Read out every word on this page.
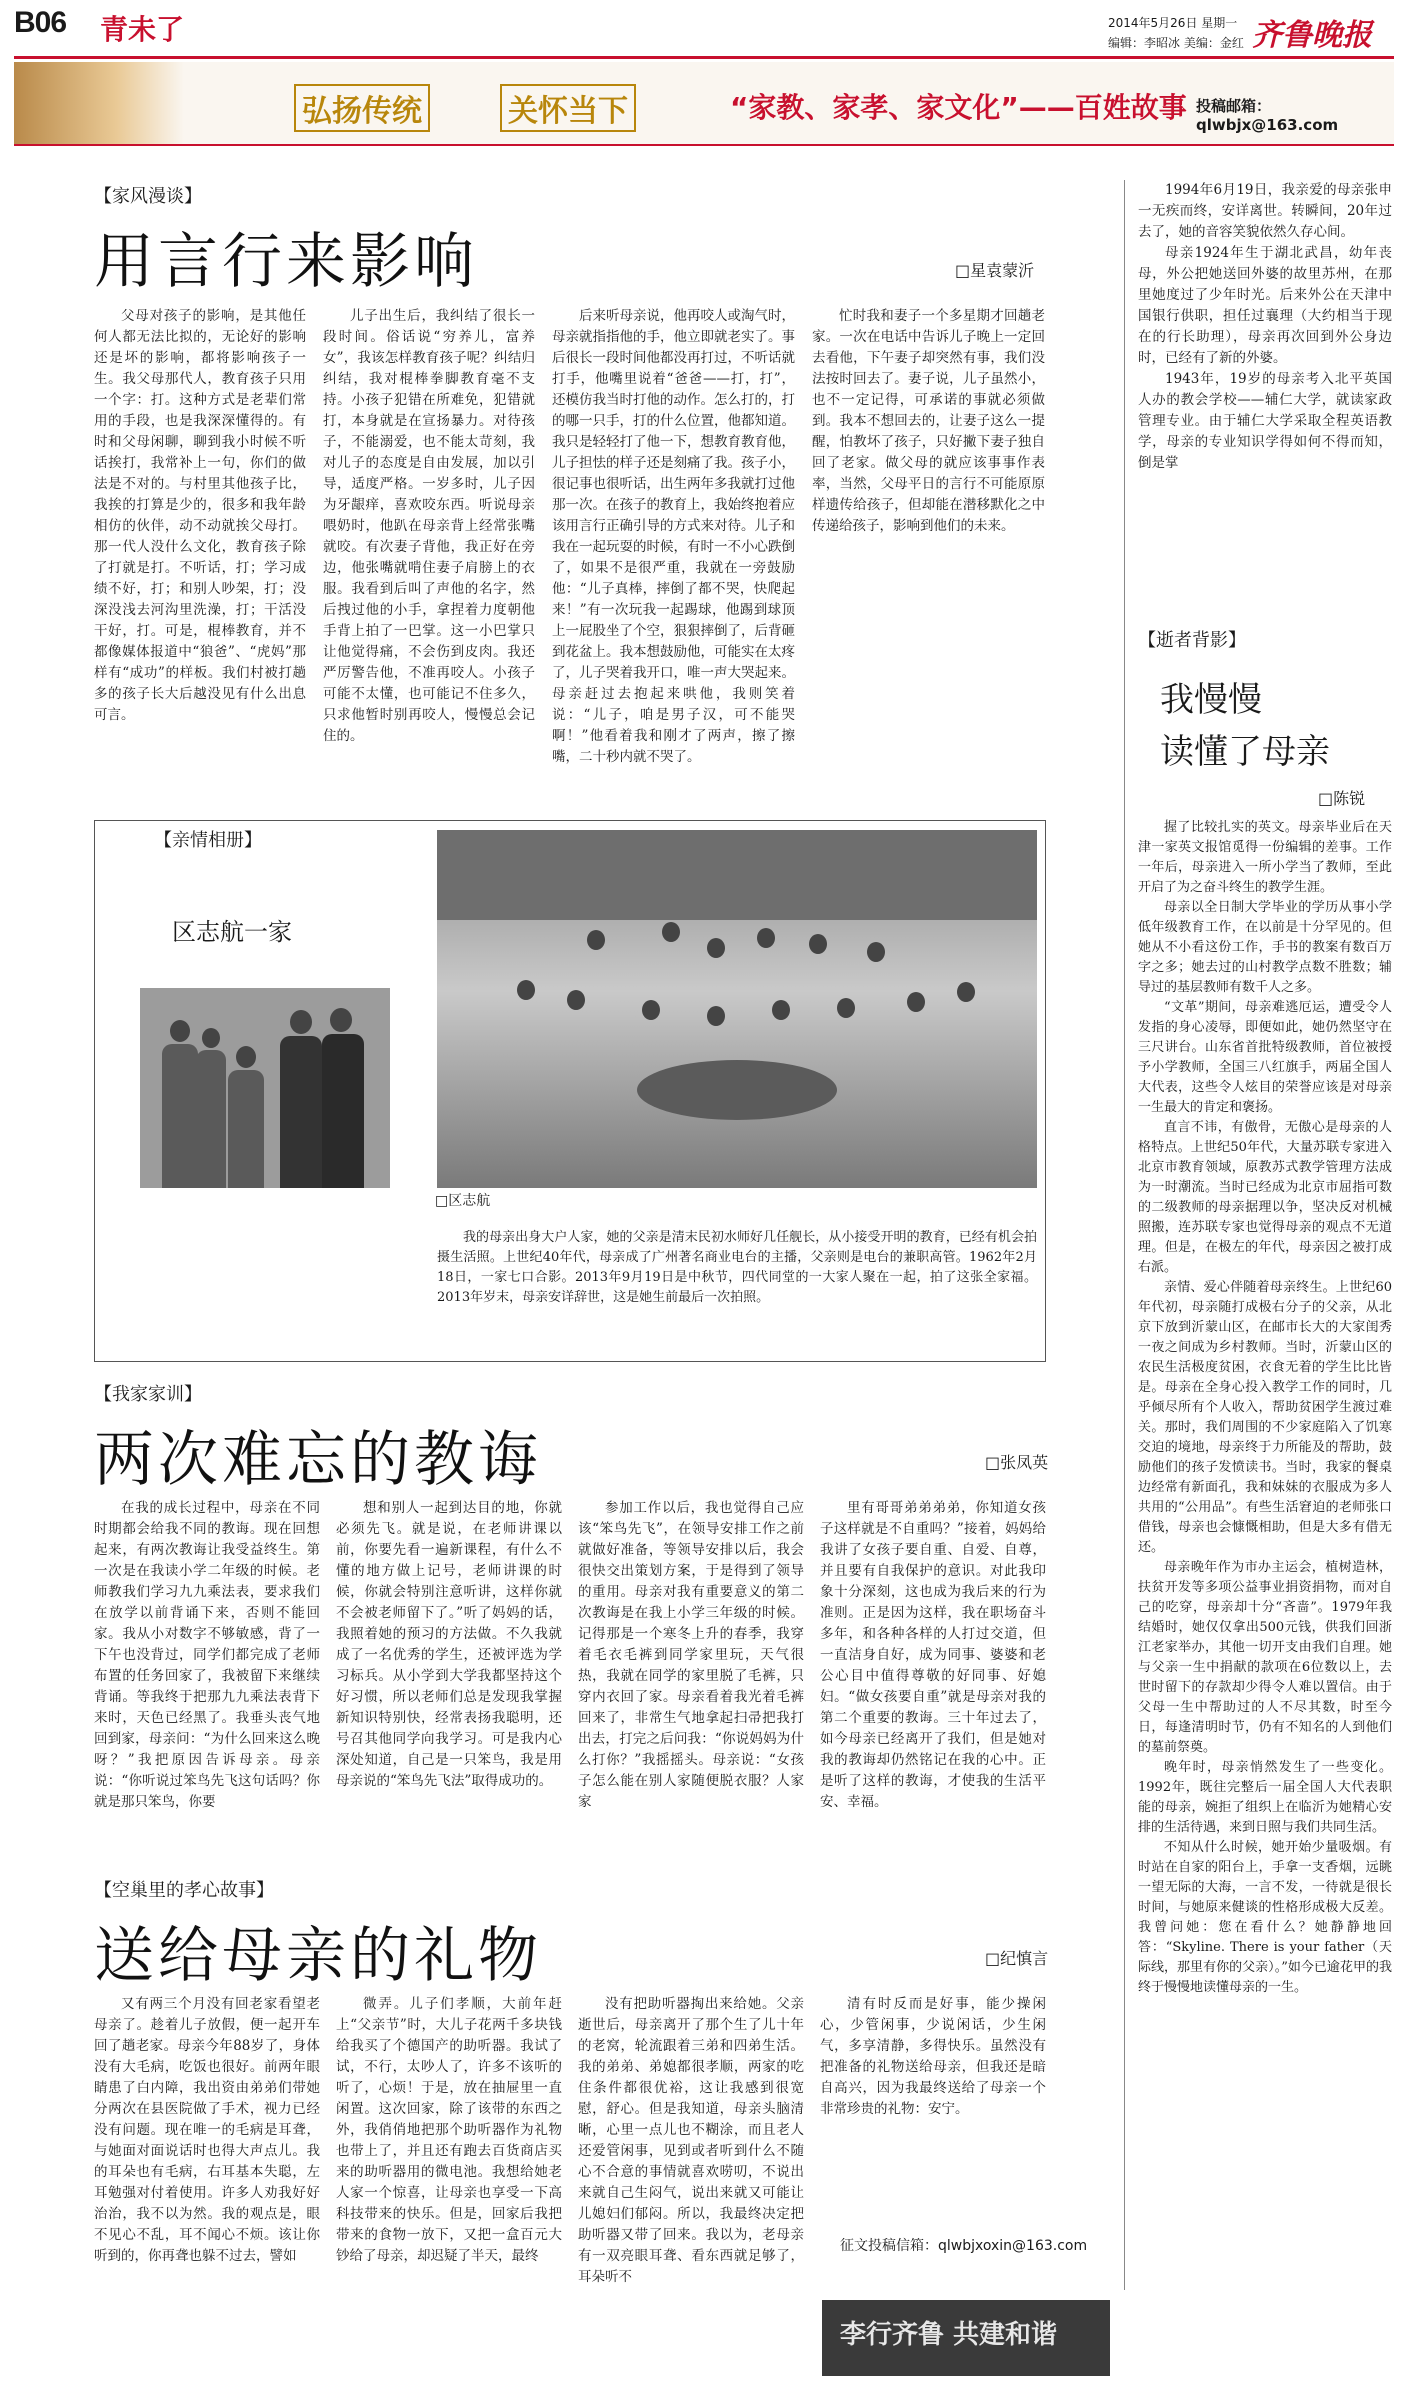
B06 青未了	2014年5月26日 星期一
编辑：李昭冰 美编：金红 齐鲁晚报
弘扬传统	关怀当下	“家教、家孝、家文化”——百姓故事 投稿邮箱：qlwbjx@163.com
【家风漫谈】
用言行来影响	□星袁蒙沂
父母对孩子的影响，是其他任何人都无法比拟的，无论好的影响还是坏的影响，都将影响孩子一生。我父母那代人，教育孩子只用一个字：打。这种方式是老辈们常用的手段，也是我深深懂得的。有时和父母闲聊，聊到我小时候不听话挨打，我常补上一句，你们的做法是不对的。与村里其他孩子比，我挨的打算是少的，很多和我年龄相仿的伙伴，动不动就挨父母打。那一代人没什么文化，教育孩子除了打就是打。不听话，打；学习成绩不好，打；和别人吵架，打；没深没浅去河沟里洗澡，打；干活没干好，打。可是，棍棒教育，并不都像媒体报道中“狼爸”、“虎妈”那样有“成功”的样板。我们村被打趟多的孩子长大后越没见有什么出息可言。
儿子出生后，我纠结了很长一段时间。俗话说“穷养儿，富养女”，我该怎样教育孩子呢？纠结归纠结，我对棍棒拳脚教育毫不支持。小孩子犯错在所难免，犯错就打，本身就是在宣扬暴力。对待孩子，不能溺爱，也不能太苛刻，我对儿子的态度是自由发展，加以引导，适度严格。一岁多时，儿子因为牙龈痒，喜欢咬东西。听说母亲喂奶时，他趴在母亲背上经常张嘴就咬。有次妻子背他，我正好在旁边，他张嘴就啃住妻子肩膀上的衣服。我看到后叫了声他的名字，然后拽过他的小手，拿捏着力度朝他手背上拍了一巴掌。这一小巴掌只让他觉得痛，不会伤到皮肉。我还严厉警告他，不准再咬人。小孩子可能不太懂，也可能记不住多久，只求他暂时别再咬人，慢慢总会记住的。
后来听母亲说，他再咬人或淘气时，母亲就指指他的手，他立即就老实了。事后很长一段时间他都没再打过，不听话就打手，他嘴里说着“爸爸——打，打”，还模仿我当时打他的动作。怎么打的，打的哪一只手，打的什么位置，他都知道。我只是轻轻打了他一下，想教育教育他，儿子担怯的样子还是刻痛了我。孩子小，很记事也很听话，出生两年多我就打过他那一次。在孩子的教育上，我始终抱着应该用言行正确引导的方式来对待。儿子和我在一起玩耍的时候，有时一不小心跌倒了，如果不是很严重，我就在一旁鼓励他：“儿子真棒，摔倒了都不哭，快爬起来！”有一次玩我一起踢球，他踢到球顶上一屁股坐了个空，狠狠摔倒了，后背砸到花盆上。我本想鼓励他，可能实在太疼了，儿子哭着我开口，唯一声大哭起来。母亲赶过去抱起来哄他，我则笑着说：“儿子，咱是男子汉，可不能哭啊！”他看着我和刚才了两声，擦了擦嘴，二十秒内就不哭了。
忙时我和妻子一个多星期才回趟老家。一次在电话中告诉儿子晚上一定回去看他，下午妻子却突然有事，我们没法按时回去了。妻子说，儿子虽然小，也不一定记得，可承诺的事就必须做到。我本不想回去的，让妻子这么一提醒，怕教坏了孩子，只好撇下妻子独自回了老家。做父母的就应该事事作表率，当然，父母平日的言行不可能原原样遗传给孩子，但却能在潜移默化之中传递给孩子，影响到他们的未来。
【亲情相册】
区志航一家
□区志航
我的母亲出身大户人家，她的父亲是清末民初水师好几任舰长，从小接受开明的教育，已经有机会拍摄生活照。上世纪40年代，母亲成了广州著名商业电台的主播，父亲则是电台的兼职高管。1962年2月18日，一家七口合影。2013年9月19日是中秋节，四代同堂的一大家人聚在一起，拍了这张全家福。2013年岁末，母亲安详辞世，这是她生前最后一次拍照。
【我家家训】
两次难忘的教诲	□张凤英
在我的成长过程中，母亲在不同时期都会给我不同的教诲。现在回想起来，有两次教诲让我受益终生。第一次是在我读小学二年级的时候。老师教我们学习九九乘法表，要求我们在放学以前背诵下来，否则不能回家。我从小对数字不够敏感，背了一下午也没背过，同学们都完成了老师布置的任务回家了，我被留下来继续背诵。等我终于把那九九乘法表背下来时，天色已经黑了。我垂头丧气地回到家，母亲问：“为什么回来这么晚呀？”我把原因告诉母亲。母亲说：“你听说过笨鸟先飞这句话吗？你就是那只笨鸟，你要
想和别人一起到达目的地，你就必须先飞。就是说，在老师讲课以前，你要先看一遍新课程，有什么不懂的地方做上记号，老师讲课的时候，你就会特别注意听讲，这样你就不会被老师留下了。”听了妈妈的话，我照着她的预习的方法做。不久我就成了一名优秀的学生，还被评选为学习标兵。从小学到大学我都坚持这个好习惯，所以老师们总是发现我掌握新知识特别快，经常表扬我聪明，还号召其他同学向我学习。可是我内心深处知道，自己是一只笨鸟，我是用母亲说的“笨鸟先飞法”取得成功的。
参加工作以后，我也觉得自己应该“笨鸟先飞”，在领导安排工作之前就做好准备，等领导安排以后，我会很快交出策划方案，于是得到了领导的重用。母亲对我有重要意义的第二次教诲是在我上小学三年级的时候。记得那是一个寒冬上升的春季，我穿着毛衣毛裤到同学家里玩，天气很热，我就在同学的家里脱了毛裤，只穿内衣回了家。母亲看着我光着毛裤回来了，非常生气地拿起扫帚把我打出去，打完之后问我：“你说妈妈为什么打你？”我摇摇头。母亲说：“女孩子怎么能在别人家随便脱衣服？人家家
里有哥哥弟弟弟弟，你知道女孩子这样就是不自重吗？”接着，妈妈给我讲了女孩子要自重、自爱、自尊，并且要有自我保护的意识。对此我印象十分深刻，这也成为我后来的行为准则。正是因为这样，我在职场奋斗多年，和各种各样的人打过交道，但一直洁身自好，成为同事、婆婆和老公心目中值得尊敬的好同事、好媳妇。“做女孩要自重”就是母亲对我的第二个重要的教诲。三十年过去了，如今母亲已经离开了我们，但是她对我的教诲却仍然铭记在我的心中。正是听了这样的教诲，才使我的生活平安、幸福。
【空巢里的孝心故事】
送给母亲的礼物	□纪慎言
又有两三个月没有回老家看望老母亲了。趁着儿子放假，便一起开车回了趟老家。母亲今年88岁了，身体没有大毛病，吃饭也很好。前两年眼睛患了白内障，我出资由弟弟们带她分两次在县医院做了手术，视力已经没有问题。现在唯一的毛病是耳聋，与她面对面说话时也得大声点儿。我的耳朵也有毛病，右耳基本失聪，左耳勉强对付着使用。许多人劝我好好治治，我不以为然。我的观点是，眼不见心不乱，耳不闻心不烦。该让你听到的，你再聋也躲不过去，譬如
微弄。儿子们孝顺，大前年赶上“父亲节”时，大儿子花两千多块钱给我买了个德国产的助听器。我试了试，不行，太吵人了，许多不该听的听了，心烦！于是，放在抽屉里一直闲置。这次回家，除了该带的东西之外，我俏俏地把那个助听器作为礼物也带上了，并且还有跑去百货商店买来的助听器用的微电池。我想给她老人家一个惊喜，让母亲也享受一下高科技带来的快乐。但是，回家后我把带来的食物一放下，又把一盒百元大钞给了母亲，却迟疑了半天，最终
没有把助听器掏出来给她。父亲逝世后，母亲离开了那个生了儿十年的老窝，轮流跟着三弟和四弟生活。我的弟弟、弟媳都很孝顺，两家的吃住条件都很优裕，这让我感到很宽慰，舒心。但是我知道，母亲头脑清晰，心里一点儿也不糊涂，而且老人还爱管闲事，见到或者听到什么不随心不合意的事情就喜欢唠叨，不说出来就自己生闷气，说出来就又可能让儿媳妇们郁闷。所以，我最终决定把助听器又带了回来。我以为，老母亲有一双亮眼耳聋、看东西就足够了，耳朵听不
清有时反而是好事，能少操闲心，少管闲事，少说闲话，少生闲气，多享清静，多得快乐。虽然没有把准备的礼物送给母亲，但我还是暗自高兴，因为我最终送给了母亲一个非常珍贵的礼物：安宁。
征文投稿信箱：qlwbjxoxin@163.com
李行齐鲁 共建和谐

1994年6月19日，我亲爱的母亲张申一无疾而终，安详离世。转瞬间，20年过去了，她的音容笑貌依然久存心间。

母亲1924年生于湖北武昌，幼年丧母，外公把她送回外婆的故里苏州，在那里她度过了少年时光。后来外公在天津中国银行供职，担任过襄理（大约相当于现在的行长助理），母亲再次回到外公身边时，已经有了新的外婆。

1943年，19岁的母亲考入北平英国人办的教会学校——辅仁大学，就读家政管理专业。由于辅仁大学采取全程英语教学，母亲的专业知识学得如何不得而知，倒是掌

【逝者背影】
我慢慢
读懂了母亲
□陈锐

握了比较扎实的英文。母亲毕业后在天津一家英文报馆觅得一份编辑的差事。工作一年后，母亲进入一所小学当了教师，至此开启了为之奋斗终生的教学生涯。

母亲以全日制大学毕业的学历从事小学低年级教育工作，在以前是十分罕见的。但她从不小看这份工作，手书的教案有数百万字之多；她去过的山村教学点数不胜数；辅导过的基层教师有数千人之多。

“文革”期间，母亲难逃厄运，遭受令人发指的身心凌辱，即便如此，她仍然坚守在三尺讲台。山东省首批特级教师，首位被授予小学教师，全国三八红旗手，两届全国人大代表，这些令人炫目的荣誉应该是对母亲一生最大的肯定和褒扬。

直言不讳，有傲骨，无傲心是母亲的人格特点。上世纪50年代，大量苏联专家进入北京市教育领域，原教苏式教学管理方法成为一时潮流。当时已经成为北京市屈指可数的二级教师的母亲据理以争，坚决反对机械照搬，连苏联专家也觉得母亲的观点不无道理。但是，在极左的年代，母亲因之被打成右派。

亲情、爱心伴随着母亲终生。上世纪60年代初，母亲随打成极右分子的父亲，从北京下放到沂蒙山区，在邮市长大的大家闺秀一夜之间成为乡村教师。当时，沂蒙山区的农民生活极度贫困，衣食无着的学生比比皆是。母亲在全身心投入教学工作的同时，几乎倾尽所有个人收入，帮助贫困学生渡过难关。那时，我们周围的不少家庭陷入了饥寒交迫的境地，母亲终于力所能及的帮助，鼓励他们的孩子发愤读书。当时，我家的餐桌边经常有新面孔，我和妹妹的衣服成为多人共用的“公用品”。有些生活窘迫的老师张口借钱，母亲也会慷慨相助，但是大多有借无还。

母亲晚年作为市办主运会，植树造林，扶贫开发等多项公益事业捐资捐物，而对自己的吃穿，母亲却十分“吝啬”。1979年我结婚时，她仅仅拿出500元钱，供我们回浙江老家举办，其他一切开支由我们自理。她与父亲一生中捐献的款项在6位数以上，去世时留下的存款却少得令人难以置信。由于父母一生中帮助过的人不尽其数，时至今日，每逢清明时节，仍有不知名的人到他们的墓前祭奠。

晚年时，母亲悄然发生了一些变化。1992年，既往完整后一届全国人大代表职能的母亲，婉拒了组织上在临沂为她精心安排的生活待遇，来到日照与我们共同生活。

不知从什么时候，她开始少量吸烟。有时站在自家的阳台上，手拿一支香烟，远眺一望无际的大海，一言不发，一待就是很长时间，与她原来健谈的性格形成极大反差。我曾问她：您在看什么？她静静地回答：“Skyline. There is your father（天际线，那里有你的父亲）。”如今已逾花甲的我终于慢慢地读懂母亲的一生。
